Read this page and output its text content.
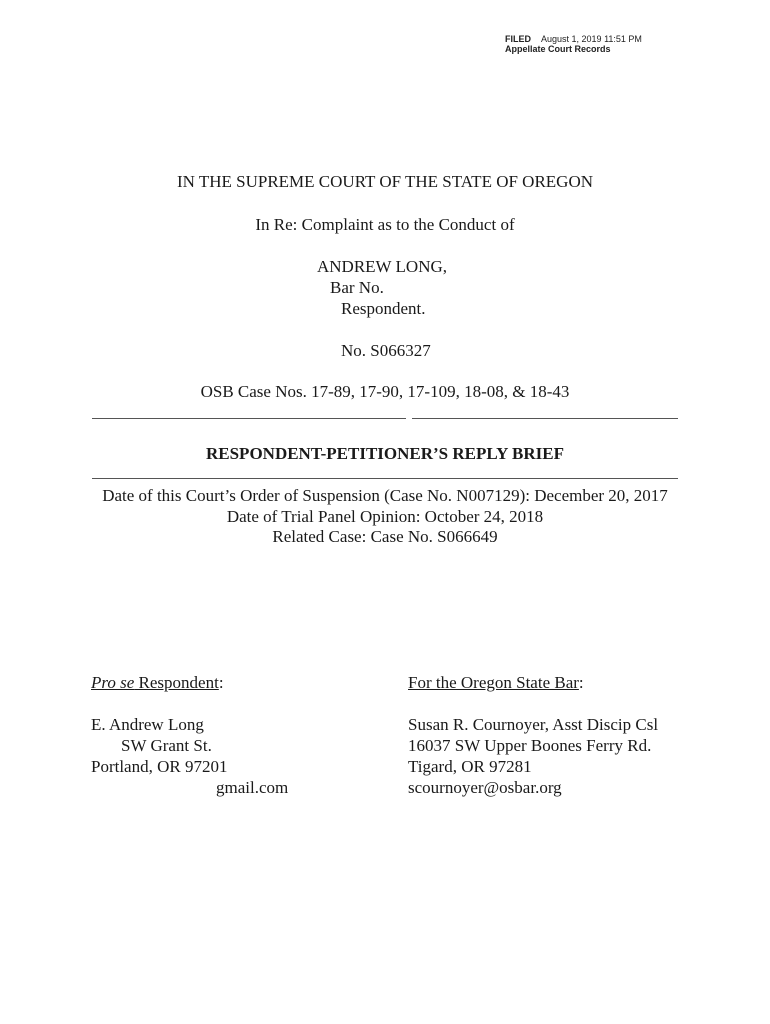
FILED August 1, 2019 11:51 PM
Appellate Court Records
IN THE SUPREME COURT OF THE STATE OF OREGON
In Re: Complaint as to the Conduct of
ANDREW LONG,
Bar No.
Respondent.
No. S066327
OSB Case Nos. 17-89, 17-90, 17-109, 18-08, & 18-43
RESPONDENT-PETITIONER’S REPLY BRIEF
Date of this Court’s Order of Suspension (Case No. N007129): December 20, 2017
Date of Trial Panel Opinion: October 24, 2018
Related Case: Case No. S066649
Pro se Respondent:
E. Andrew Long
SW Grant St.
Portland, OR 97201
gmail.com
For the Oregon State Bar:
Susan R. Cournoyer, Asst Discip Csl
16037 SW Upper Boones Ferry Rd.
Tigard, OR 97281
scournoyer@osbar.org
